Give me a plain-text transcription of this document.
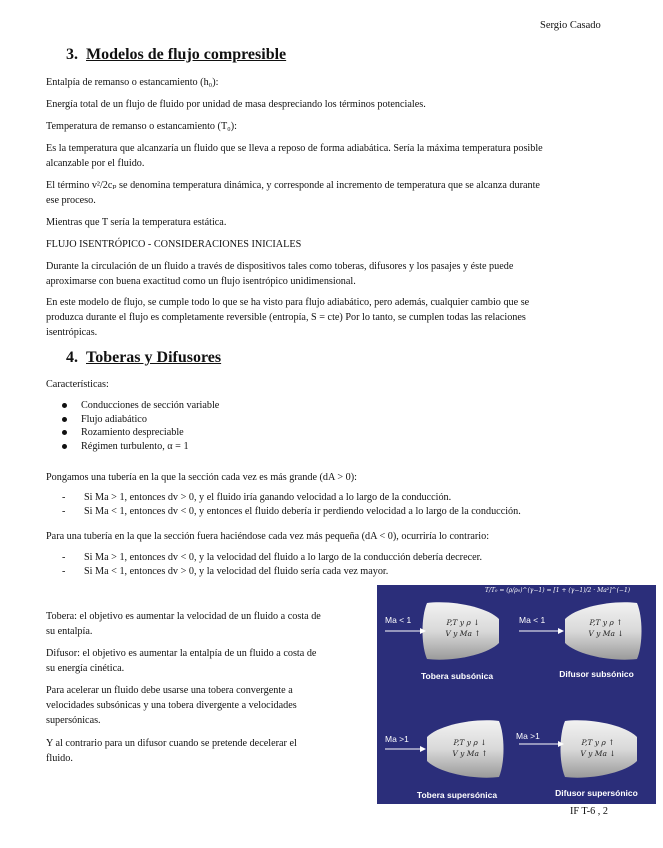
Sergio Casado
3. Modelos de flujo compresible
Entalpía de remanso o estancamiento (h₀):
Energía total de un flujo de fluido por unidad de masa despreciando los términos potenciales.
Temperatura de remanso o estancamiento (T₀):
Es la temperatura que alcanzaría un fluido que se lleva a reposo de forma adiabática. Sería la máxima temperatura posible
alcanzable por el fluido.
El término v²/2cₚ se denomina temperatura dinámica, y corresponde al incremento de temperatura que se alcanza durante
ese proceso.
Mientras que T sería la temperatura estática.
FLUJO ISENTRÓPICO - CONSIDERACIONES INICIALES
Durante la circulación de un fluido a través de dispositivos tales como toberas, difusores y los pasajes y éste puede
aproximarse con buena exactitud como un flujo isentrópico unidimensional.
En este modelo de flujo, se cumple todo lo que se ha visto para flujo adiabático, pero además, cualquier cambio que se
produzca durante el flujo es completamente reversible (entropía, S = cte) Por lo tanto, se cumplen todas las relaciones
isentrópicas.
4. Toberas y Difusores
Características:
Conducciones de sección variable
Flujo adiabático
Rozamiento despreciable
Régimen turbulento, α = 1
Pongamos una tubería en la que la sección cada vez es más grande (dA > 0):
-	Si Ma > 1, entonces dv > 0, y el fluido iría ganando velocidad a lo largo de la conducción.
-	Si Ma < 1, entonces dv < 0, y entonces el fluido debería ir perdiendo velocidad a lo largo de la conducción.
Para una tubería en la que la sección fuera haciéndose cada vez más pequeña (dA < 0), ocurriría lo contrario:
-	Si Ma > 1, entonces dv < 0, y la velocidad del fluido a lo largo de la conducción debería decrecer.
-	Si Ma < 1, entonces dv > 0, y la velocidad del fluido sería cada vez mayor.
Tobera: el objetivo es aumentar la velocidad de un fluido a costa de
su entalpía.
Difusor: el objetivo es aumentar la entalpía de un fluido a costa de
su energía cinética.
Para acelerar un fluido debe usarse una tobera convergente a
velocidades subsónicas y una tobera divergente a velocidades
supersónicas.
Y al contrario para un difusor cuando se pretende decelerar el
fluido.
T/T₀ = (ρ/ρ₀)^(γ−1) = [1 + (γ−1)/2 · Ma²]^(−1)
Ma < 1	Ma < 1
Ma >1	Ma >1
P,T y ρ ↓
V y Ma ↑
P,T y ρ ↑
V y Ma ↓
P,T y ρ ↓
V y Ma ↑
P,T y ρ ↑
V y Ma ↓
Tobera subsónica	Difusor subsónico
Tobera supersónica	Difusor supersónico
IF T-6 , 2
